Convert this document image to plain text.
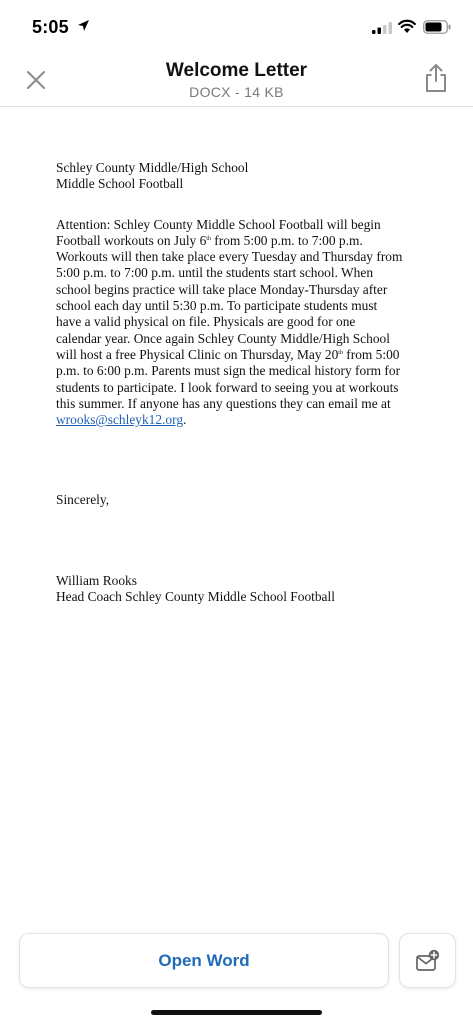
5:05
Welcome Letter
DOCX - 14 KB
Schley County Middle/High School
Middle School Football
Attention: Schley County Middle School Football will begin
Football workouts on July 6th from 5:00 p.m. to 7:00 p.m.
Workouts will then take place every Tuesday and Thursday from
5:00 p.m. to 7:00 p.m. until the students start school. When
school begins practice will take place Monday-Thursday after
school each day until 5:30 p.m. To participate students must
have a valid physical on file. Physicals are good for one
calendar year. Once again Schley County Middle/High School
will host a free Physical Clinic on Thursday, May 20th from 5:00
p.m. to 6:00 p.m. Parents must sign the medical history form for
students to participate. I look forward to seeing you at workouts
this summer. If anyone has any questions they can email me at
wrooks@schleyk12.org.
Sincerely,
William Rooks
Head Coach Schley County Middle School Football
Open Word
